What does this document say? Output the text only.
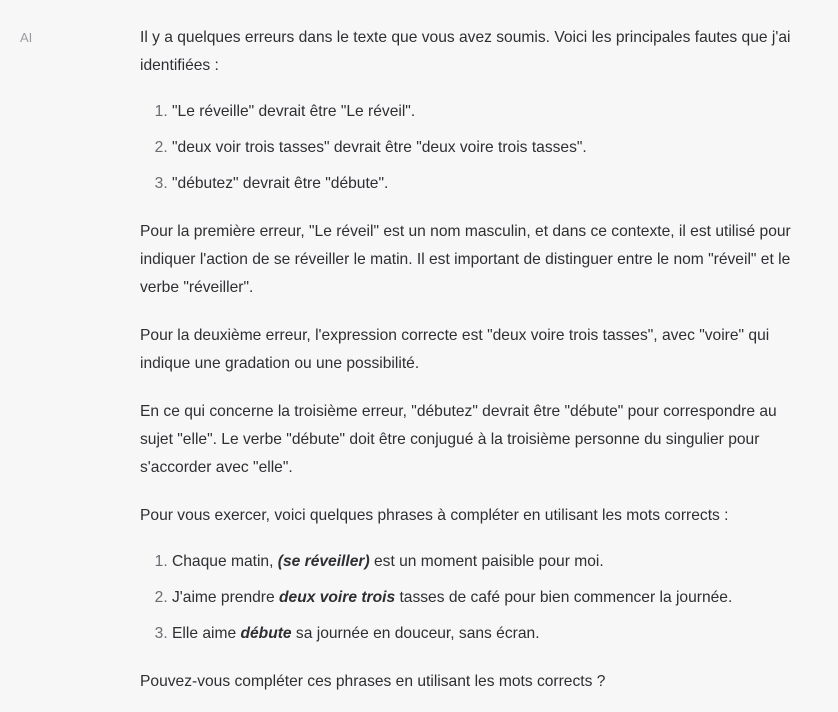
AI	Il y a quelques erreurs dans le texte que vous avez soumis. Voici les principales fautes que j'ai identifiées :

1. "Le réveille" devrait être "Le réveil".
2. "deux voir trois tasses" devrait être "deux voire trois tasses".
3. "débutez" devrait être "débute".

Pour la première erreur, "Le réveil" est un nom masculin, et dans ce contexte, il est utilisé pour indiquer l'action de se réveiller le matin. Il est important de distinguer entre le nom "réveil" et le verbe "réveiller".

Pour la deuxième erreur, l'expression correcte est "deux voire trois tasses", avec "voire" qui indique une gradation ou une possibilité.

En ce qui concerne la troisième erreur, "débutez" devrait être "débute" pour correspondre au sujet "elle". Le verbe "débute" doit être conjugué à la troisième personne du singulier pour s'accorder avec "elle".

Pour vous exercer, voici quelques phrases à compléter en utilisant les mots corrects :

1. Chaque matin, (se réveiller) est un moment paisible pour moi.
2. J'aime prendre deux voire trois tasses de café pour bien commencer la journée.
3. Elle aime débute sa journée en douceur, sans écran.

Pouvez-vous compléter ces phrases en utilisant les mots corrects ?
